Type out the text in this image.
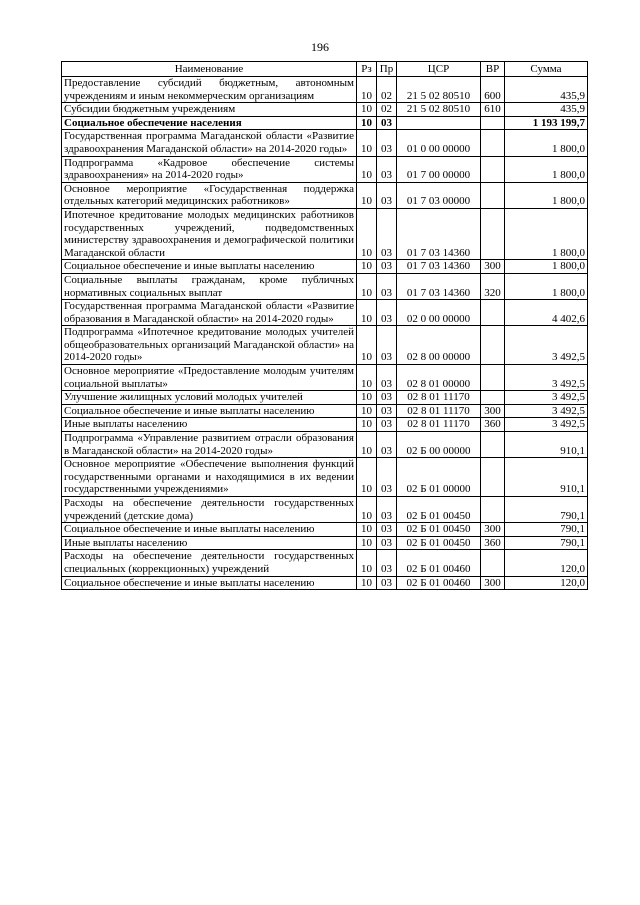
196
Наименование	Рз	Пр	ЦСР	ВР	Сумма
Предоставление субсидий бюджетным, автономным учреждениям и иным некоммерческим организациям	10	02	21 5 02 80510	600	435,9
Субсидии бюджетным учреждениям	10	02	21 5 02 80510	610	435,9
Социальное обеспечение населения	10	03			1 193 199,7
Государственная программа Магаданской области «Развитие здравоохранения Магаданской области» на 2014-2020 годы»	10	03	01 0 00 00000		1 800,0
Подпрограмма «Кадровое обеспечение системы здравоохранения» на 2014-2020 годы»	10	03	01 7 00 00000		1 800,0
Основное мероприятие «Государственная поддержка отдельных категорий медицинских работников»	10	03	01 7 03 00000		1 800,0
Ипотечное кредитование молодых медицинских работников государственных учреждений, подведомственных министерству здравоохранения и демографической политики Магаданской области	10	03	01 7 03 14360		1 800,0
Социальное обеспечение и иные выплаты населению	10	03	01 7 03 14360	300	1 800,0
Социальные выплаты гражданам, кроме публичных нормативных социальных выплат	10	03	01 7 03 14360	320	1 800,0
Государственная программа Магаданской области «Развитие образования в Магаданской области» на 2014-2020 годы»	10	03	02 0 00 00000		4 402,6
Подпрограмма «Ипотечное кредитование молодых учителей общеобразовательных организаций Магаданской области» на 2014-2020 годы»	10	03	02 8 00 00000		3 492,5
Основное мероприятие «Предоставление молодым учителям социальной выплаты»	10	03	02 8 01 00000		3 492,5
Улучшение жилищных условий молодых учителей	10	03	02 8 01 11170		3 492,5
Социальное обеспечение и иные выплаты населению	10	03	02 8 01 11170	300	3 492,5
Иные выплаты населению	10	03	02 8 01 11170	360	3 492,5
Подпрограмма «Управление развитием отрасли образования в Магаданской области» на 2014-2020 годы»	10	03	02 Б 00 00000		910,1
Основное мероприятие «Обеспечение выполнения функций государственными органами и находящимися в их ведении государственными учреждениями»	10	03	02 Б 01 00000		910,1
Расходы на обеспечение деятельности государственных учреждений (детские дома)	10	03	02 Б 01 00450		790,1
Социальное обеспечение и иные выплаты населению	10	03	02 Б 01 00450	300	790,1
Иные выплаты населению	10	03	02 Б 01 00450	360	790,1
Расходы на обеспечение деятельности государственных специальных (коррекционных) учреждений	10	03	02 Б 01 00460		120,0
Социальное обеспечение и иные выплаты населению	10	03	02 Б 01 00460	300	120,0
